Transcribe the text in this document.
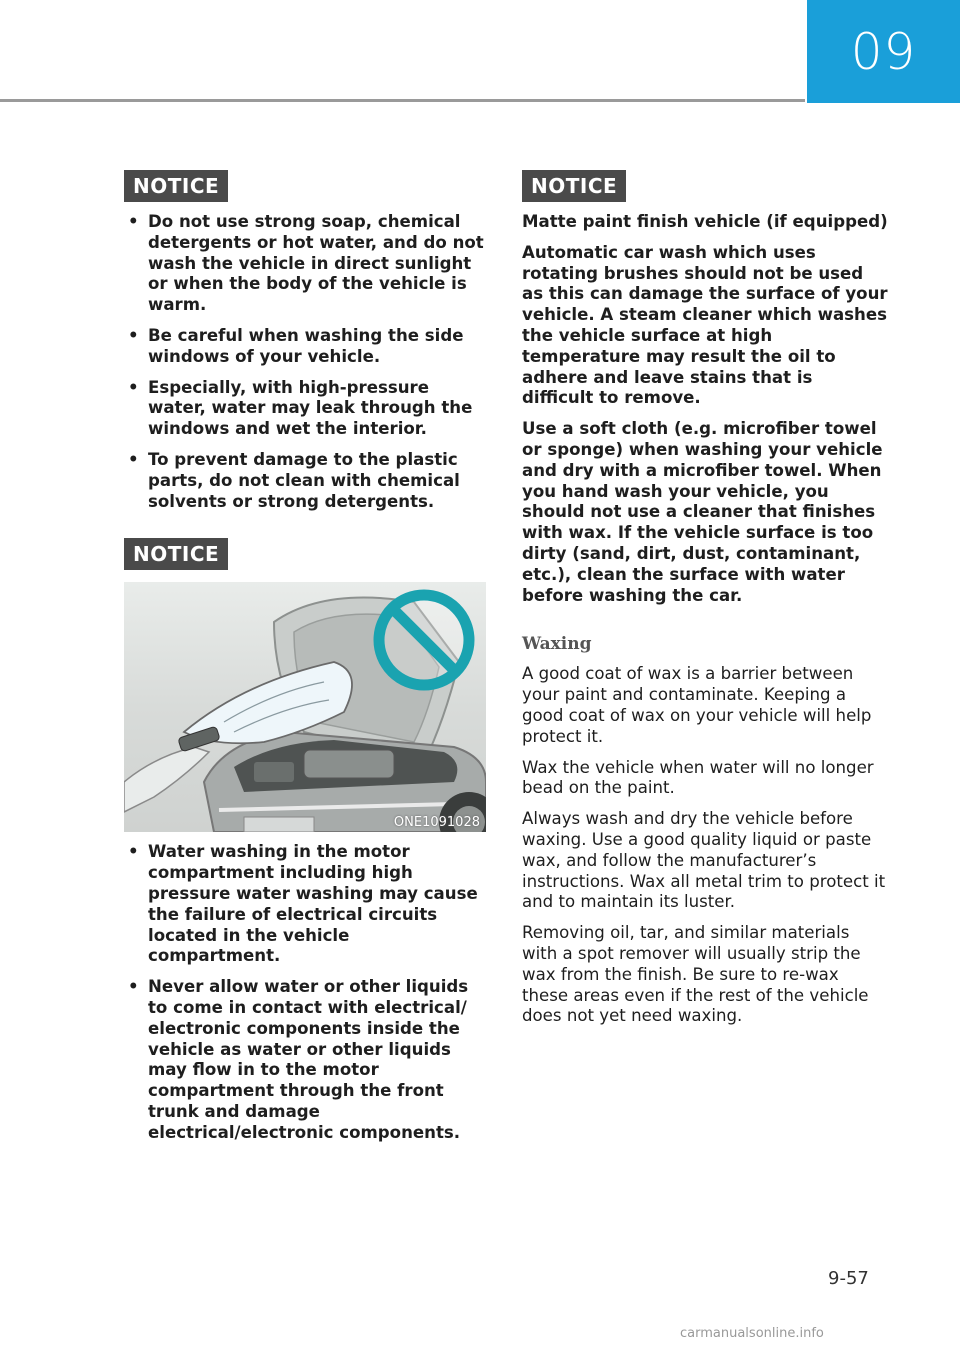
09
NOTICE
• Do not use strong soap, chemical detergents or hot water, and do not wash the vehicle in direct sunlight or when the body of the vehicle is warm.
• Be careful when washing the side windows of your vehicle.
• Especially, with high-pressure water, water may leak through the windows and wet the interior.
• To prevent damage to the plastic parts, do not clean with chemical solvents or strong detergents.
NOTICE
ONE1091028
• Water washing in the motor compartment including high pressure water washing may cause the failure of electrical circuits located in the vehicle compartment.
• Never allow water or other liquids to come in contact with electrical/ electronic components inside the vehicle as water or other liquids may flow in to the motor compartment through the front trunk and damage electrical/electronic components.
NOTICE

Matte paint finish vehicle (if equipped)

Automatic car wash which uses rotating brushes should not be used as this can damage the surface of your vehicle. A steam cleaner which washes the vehicle surface at high temperature may result the oil to adhere and leave stains that is difficult to remove.

Use a soft cloth (e.g. microfiber towel or sponge) when washing your vehicle and dry with a microfiber towel. When you hand wash your vehicle, you should not use a cleaner that finishes with wax. If the vehicle surface is too dirty (sand, dirt, dust, contaminant, etc.), clean the surface with water before washing the car.

Waxing

A good coat of wax is a barrier between your paint and contaminate. Keeping a good coat of wax on your vehicle will help protect it.

Wax the vehicle when water will no longer bead on the paint.

Always wash and dry the vehicle before waxing. Use a good quality liquid or paste wax, and follow the manufacturer’s instructions. Wax all metal trim to protect it and to maintain its luster.

Removing oil, tar, and similar materials with a spot remover will usually strip the wax from the finish. Be sure to re-wax these areas even if the rest of the vehicle does not yet need waxing.

9-57
carmanualsonline.info
